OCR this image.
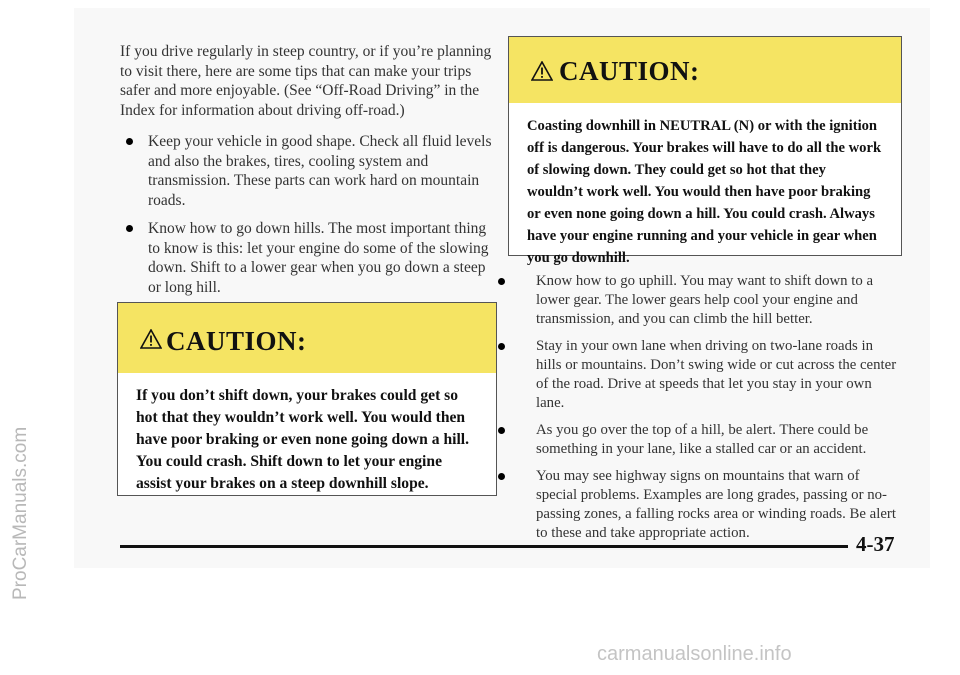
If you drive regularly in steep country, or if you’re planning to visit there, here are some tips that can make your trips safer and more enjoyable. (See “Off-Road Driving” in the Index for information about driving off-road.)

Keep your vehicle in good shape. Check all fluid levels and also the brakes, tires, cooling system and transmission. These parts can work hard on mountain roads.
Know how to go down hills. The most important thing to know is this: let your engine do some of the slowing down. Shift to a lower gear when you go down a steep or long hill.
CAUTION:
If you don’t shift down, your brakes could get so hot that they wouldn’t work well. You would then have poor braking or even none going down a hill. You could crash. Shift down to let your engine assist your brakes on a steep downhill slope.
CAUTION:
Coasting downhill in NEUTRAL (N) or with the ignition off is dangerous. Your brakes will have to do all the work of slowing down. They could get so hot that they wouldn’t work well. You would then have poor braking or even none going down a hill. You could crash. Always have your engine running and your vehicle in gear when you go downhill.
Know how to go uphill. You may want to shift down to a lower gear. The lower gears help cool your engine and transmission, and you can climb the hill better.
Stay in your own lane when driving on two-lane roads in hills or mountains. Don’t swing wide or cut across the center of the road. Drive at speeds that let you stay in your own lane.
As you go over the top of a hill, be alert. There could be something in your lane, like a stalled car or an accident.
You may see highway signs on mountains that warn of special problems. Examples are long grades, passing or no-passing zones, a falling rocks area or winding roads. Be alert to these and take appropriate action.	4-37
ProCarManuals.com
carmanualsonline.info
